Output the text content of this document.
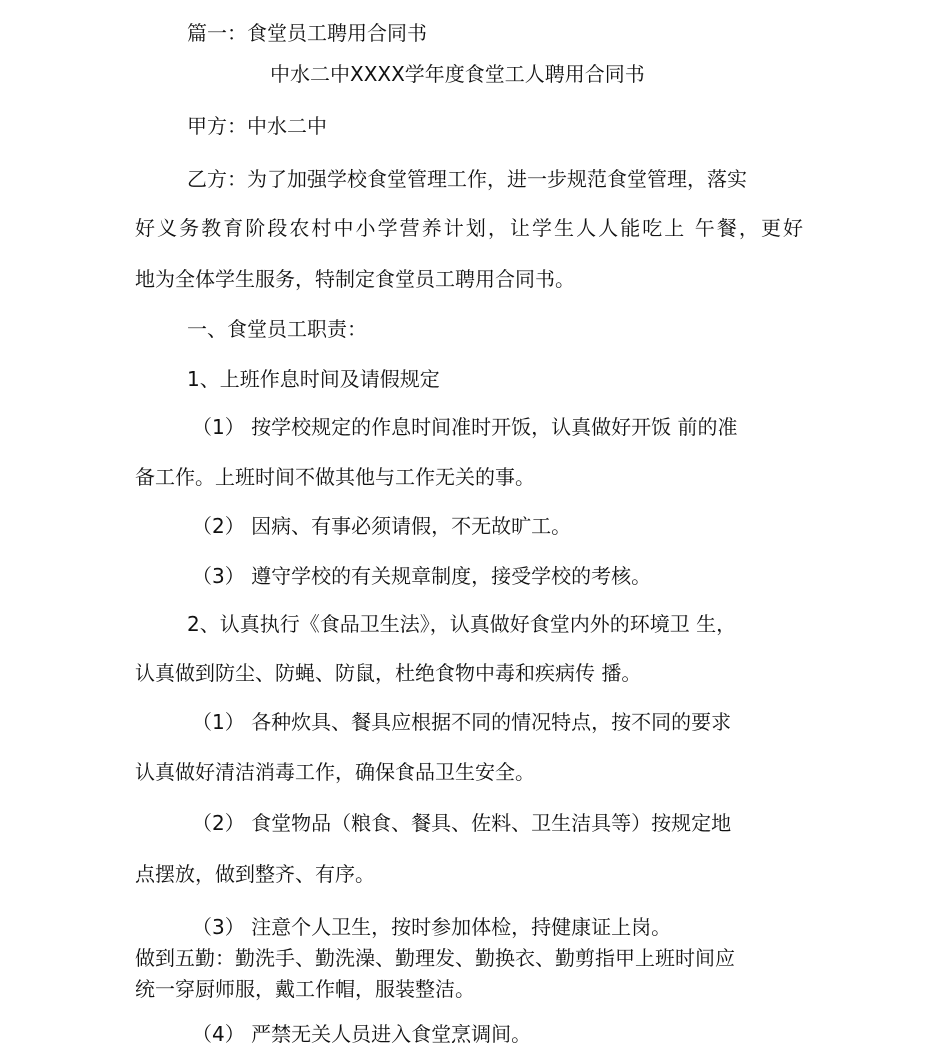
篇一：食堂员工聘用合同书
中水二中XXXX学年度食堂工人聘用合同书
甲方：中水二中
乙方：为了加强学校食堂管理工作，进一步规范食堂管理，落实
好义务教育阶段农村中小学营养计划，让学生人人能吃上 午餐，更好
地为全体学生服务，特制定食堂员工聘用合同书。
一、食堂员工职责：
1、上班作息时间及请假规定
（1） 按学校规定的作息时间准时开饭，认真做好开饭 前的准
备工作。上班时间不做其他与工作无关的事。
（2） 因病、有事必须请假，不无故旷工。
（3） 遵守学校的有关规章制度，接受学校的考核。
2、认真执行《食品卫生法》，认真做好食堂内外的环境卫 生，
认真做到防尘、防蝇、防鼠，杜绝食物中毒和疾病传 播。
（1） 各种炊具、餐具应根据不同的情况特点，按不同的要求
认真做好清洁消毒工作，确保食品卫生安全。
（2） 食堂物品（粮食、餐具、佐料、卫生洁具等）按规定地
点摆放，做到整齐、有序。
（3） 注意个人卫生，按时参加体检，持健康证上岗。
做到五勤：勤洗手、勤洗澡、勤理发、勤换衣、勤剪指甲上班时间应
统一穿厨师服，戴工作帽，服装整洁。
（4） 严禁无关人员进入食堂烹调间。
